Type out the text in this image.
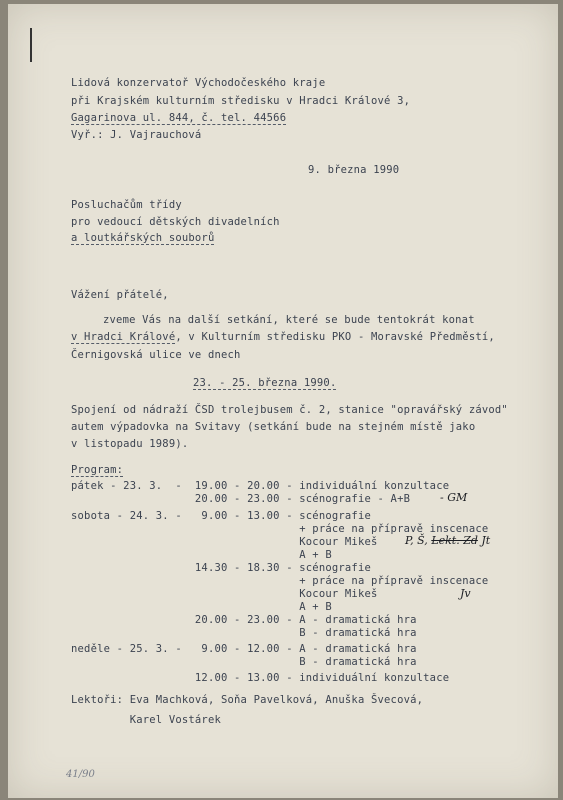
Lidová konzervatoř Východočeského kraje
při Krajském kulturním středisku v Hradci Králové 3,
Gagarinova ul. 844, č. tel. 44566
Vyř.: J. Vajrauchová
9. března 1990
Posluchačům třídy
pro vedoucí dětských divadelních
a loutkářských souborů
Vážení přátelé,
zveme Vás na další setkání, které se bude tentokrát konat
v Hradci Králové, v Kulturním středisku PKO - Moravské Předměstí,
Černigovská ulice ve dnech
23. - 25. března 1990.
Spojení od nádraží ČSD trolejbusem č. 2, stanice "opravářský závod"
autem výpadovka na Svitavy (setkání bude na stejném místě jako
v listopadu 1989).
Program:
pátek - 23. 3.  -  19.00 - 20.00 - individuální konzultace
20.00 - 23.00 - scénografie - A+B	- GM
sobota - 24. 3. -   9.00 - 13.00 - scénografie
+ práce na přípravě inscenace
Kocour Mikeš P, Š, Lekt. Zd Jt
A + B
14.30 - 18.30 - scénografie
+ práce na přípravě inscenace
Kocour Mikeš	Jv
A + B
20.00 - 23.00 - A - dramatická hra
B - dramatická hra
neděle - 25. 3. -   9.00 - 12.00 - A - dramatická hra
B - dramatická hra
12.00 - 13.00 - individuální konzultace
Lektoři: Eva Machková, Soňa Pavelková, Anuška Švecová,
Karel Vostárek
41/90
